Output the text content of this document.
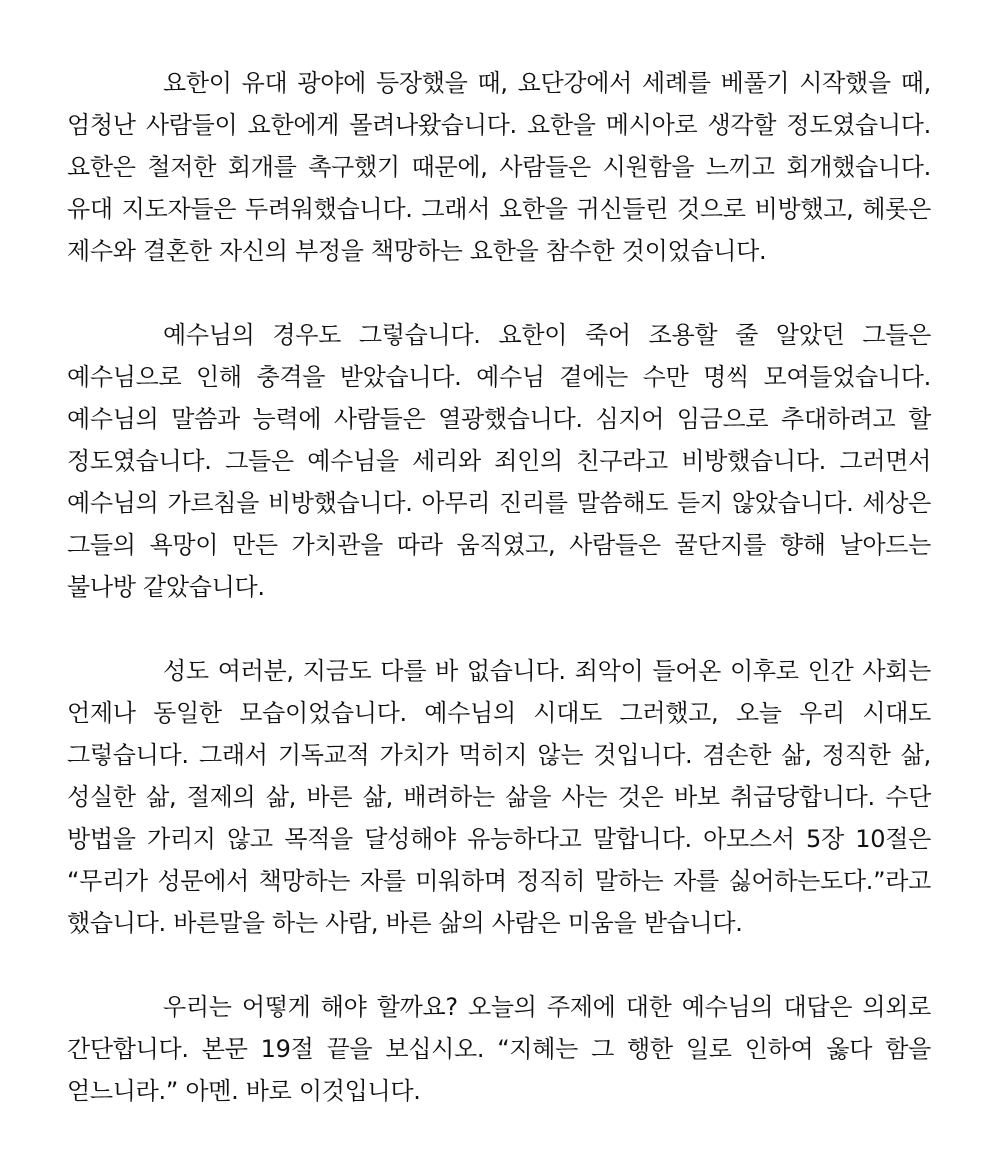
요한이 유대 광야에 등장했을 때, 요단강에서 세례를 베풀기 시작했을 때, 엄청난 사람들이 요한에게 몰려나왔습니다. 요한을 메시아로 생각할 정도였습니다. 요한은 철저한 회개를 촉구했기 때문에, 사람들은 시원함을 느끼고 회개했습니다. 유대 지도자들은 두려워했습니다. 그래서 요한을 귀신들린 것으로 비방했고, 헤롯은 제수와 결혼한 자신의 부정을 책망하는 요한을 참수한 것이었습니다.

예수님의 경우도 그렇습니다. 요한이 죽어 조용할 줄 알았던 그들은 예수님으로 인해 충격을 받았습니다. 예수님 곁에는 수만 명씩 모여들었습니다. 예수님의 말씀과 능력에 사람들은 열광했습니다. 심지어 임금으로 추대하려고 할 정도였습니다. 그들은 예수님을 세리와 죄인의 친구라고 비방했습니다. 그러면서 예수님의 가르침을 비방했습니다. 아무리 진리를 말씀해도 듣지 않았습니다. 세상은 그들의 욕망이 만든 가치관을 따라 움직였고, 사람들은 꿀단지를 향해 날아드는 불나방 같았습니다.

성도 여러분, 지금도 다를 바 없습니다. 죄악이 들어온 이후로 인간 사회는 언제나 동일한 모습이었습니다. 예수님의 시대도 그러했고, 오늘 우리 시대도 그렇습니다. 그래서 기독교적 가치가 먹히지 않는 것입니다. 겸손한 삶, 정직한 삶, 성실한 삶, 절제의 삶, 바른 삶, 배려하는 삶을 사는 것은 바보 취급당합니다. 수단 방법을 가리지 않고 목적을 달성해야 유능하다고 말합니다. 아모스서 5장 10절은 “무리가 성문에서 책망하는 자를 미워하며 정직히 말하는 자를 싫어하는도다.”라고 했습니다. 바른말을 하는 사람, 바른 삶의 사람은 미움을 받습니다.

우리는 어떻게 해야 할까요? 오늘의 주제에 대한 예수님의 대답은 의외로 간단합니다. 본문 19절 끝을 보십시오. “지혜는 그 행한 일로 인하여 옳다 함을 얻느니라.” 아멘. 바로 이것입니다.
